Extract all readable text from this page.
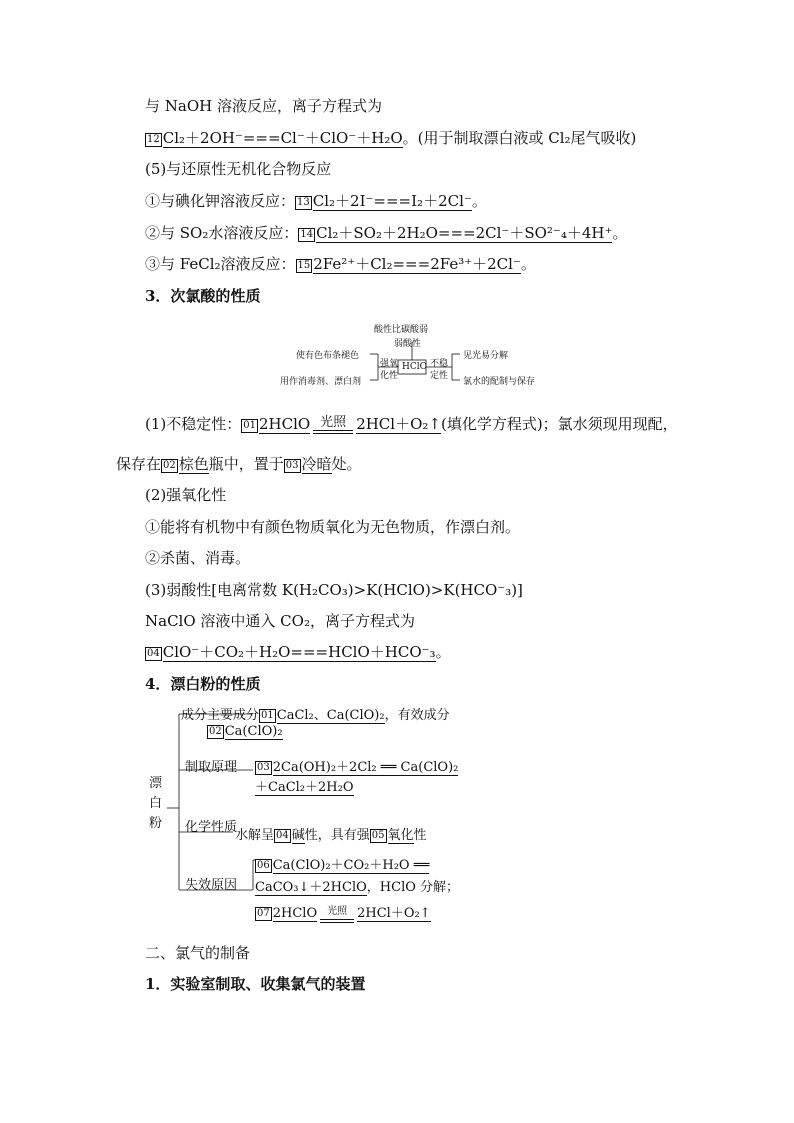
与 NaOH 溶液反应，离子方程式为
12 Cl₂＋2OH⁻===Cl⁻＋ClO⁻＋H₂O。(用于制取漂白液或 Cl₂尾气吸收)
(5)与还原性无机化合物反应
①与碘化钾溶液反应： 13 Cl₂＋2I⁻===I₂＋2Cl⁻。
②与 SO₂水溶液反应： 14 Cl₂＋SO₂＋2H₂O===2Cl⁻＋SO²⁻₄＋4H⁺。
③与 FeCl₂溶液反应： 15 2Fe²⁺＋Cl₂===2Fe³⁺＋2Cl⁻。
3．次氯酸的性质
HClO
酸性比碳酸弱
弱酸性
强氧
化性
使有色布条褪色
用作消毒剂、漂白剂
不稳
定性
见光易分解
氯水的配制与保存
(1)不稳定性： 01 2HClO 光照 2HCl＋O₂↑(填化学方程式)；氯水须现用现配，
保存在 02 棕色瓶中，置于 03 冷暗处。
(2)强氧化性
①能将有机物中有颜色物质氧化为无色物质，作漂白剂。
②杀菌、消毒。
(3)弱酸性[电离常数 K(H₂CO₃)>K(HClO)>K(HCO⁻₃)]
NaClO 溶液中通入 CO₂，离子方程式为
04 ClO⁻＋CO₂＋H₂O===HClO＋HCO⁻₃。
4．漂白粉的性质
漂
白
粉
成分 主要成分 01 CaCl₂、Ca(ClO)₂，有效成分
02 Ca(ClO)₂
制取原理 03 2Ca(OH)₂＋2Cl₂ ══ Ca(ClO)₂
＋CaCl₂＋2H₂O
化学性质
水解呈 04 碱性，具有强 05 氧化性
失效原因
06 Ca(ClO)₂＋CO₂＋H₂O ══
CaCO₃↓＋2HClO，HClO 分解；
07 2HClO	光照 2HCl＋O₂↑
二、氯气的制备
1．实验室制取、收集氯气的装置
